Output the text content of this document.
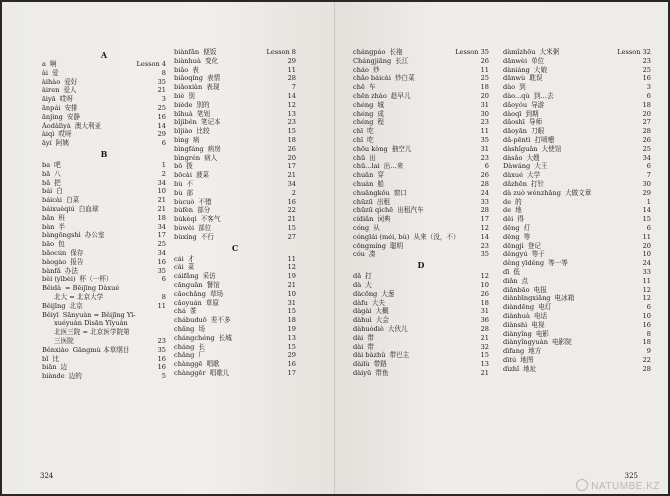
A
a 啊	Lesson 4
ài 爱	8
àihào 爱好	35
àiren 爱人	21
āiyā 哎呀	3
ānpái 安排	25
ānjìng 安静	16
Àodàlìyà 澳大利亚	14
àiqì 哎呀	29
āyí 阿姨	6
B
ba 吧	1
bā 八	2
bǎ 把	34
bái 白	10
báicài 白菜	21
báixuèqiú 白血球	21
bǎn 班	18
bàn 半	34
bàngōngshì 办公室	17
bāo 包	25
bǎocún 保存	34
bàogào 报告	16
bànfǎ 办法	35
bèi (yībèi) 杯（一杯）	6
Běidà = Běijīng Dàxué
北大 = 北京大学	8
Běijīng 北京	11
Běiyī Sānyuàn = Běijīng Yī-
xuéyuàn Dìsān Yīyuàn
北医三院 = 北京医学院第
三医院	23
Běnxiào Gāngmù 本草纲目	35
bǐ 比	16
biān 边	16
biànde 边的	5
biànfǎn 便饭	Lesson 8
biànhuà 变化	29
biǎo 表	11
biǎoqíng 表情	28
biǎoxiàn 表现	7
bié 别	14
biéde 别的	12
bǐhuà 笔划	13
bǐjìběn 笔记本	23
bǐjiào 比较	15
bìng 病	18
bìngfáng 病房	26
bìngrén 病人	20
bō 拨	17
bōcài 菠菜	21
bù 不	34
bù 部	2
bùcuò 不错	16
bùfèn 部分	22
bùkèqì 不客气	21
bùwèi 部位	15
bùxíng 不行	27
C
cái 才	11
cài 菜	12
cáifǎng 采访	19
cānguǎn 餐馆	21
cǎochǎng 草场	10
cǎoyuán 草原	31
chá 茶	15
chábuduō 差不多	18
chǎng 场	19
chángchéng 长城	13
cháng 长	15
chǎng 厂	29
chànggē 唱歌	16
chànggēr 唱歌儿	17
324
chángpáo 长袍	Lesson 35
Chángjiāng 长江	26
cháo 炒	11
chǎo báicài 炒白菜	25
chē 车	18
chēn zhào 趁早儿	20
chéng 城	31
chéng 成	30
chéng 程	23
chī 吃	11
chī 吃	35
chōu kòng 抽空儿	31
chū 出	23
chū...lai 出…来	6
chuān 穿	26
chuán 船	28
chuāngkǒu 窗口	24
chūzū 出租	33
chūzū qìchē 出租汽车	28
cídiǎn 词典	17
cóng 从	12
cónglái (méi, bù) 从来（没，不）	14
cōngmíng 聪明	23
cóu 凑	35
D
dǎ 打	12
dà 大	10
dàcōng 大葱	26
dàfu 大夫	18
dàgài 大概	31
dàhuì 大会	36
dàhuòdiè 大伙儿	28
dài 带	21
dài 带	32
dài bàzhǔ 带巴主	15
dàilù 带路	13
dàiyū 带鱼	21
dàmǐzhōu 大米粥	Lesson 32
dānwèi 单位	23
dàniáng 大娘	25
dānwù 耽误	16
dào 到	3
dào...qù 到…去	6
dǎoyóu 导游	18
dàoqī 到期	20
dǎoshī 导师	27
dāoyān 刀眼	28
dǎ-pēntì 打喷嚏	26
dàshǐguǎn 大使馆	25
dàsǎo 大嫂	34
Dàwáng 大王	6
dàxué 大学	7
dǎzhēn 打针	30
dà zuò wénzhāng 大做文章	29
de 的	1
de 地	14
děi 得	15
dēng 灯	6
děng 等	11
dēngjì 登记	20
děngyú 等于	10
děng yīděng 等一等	24
dī 低	33
diǎn 点	11
diǎnbāo 电报	12
diànbīngxiāng 电冰箱	12
diàndēng 电灯	6
diànhuà 电话	10
diànshì 电视	16
diànyǐng 电影	8
diànyǐngyuàn 电影院	18
dìfang 地方	9
dìtú 地图	22
dìzhǐ 地址	28
325
NATUMBE.KZ
